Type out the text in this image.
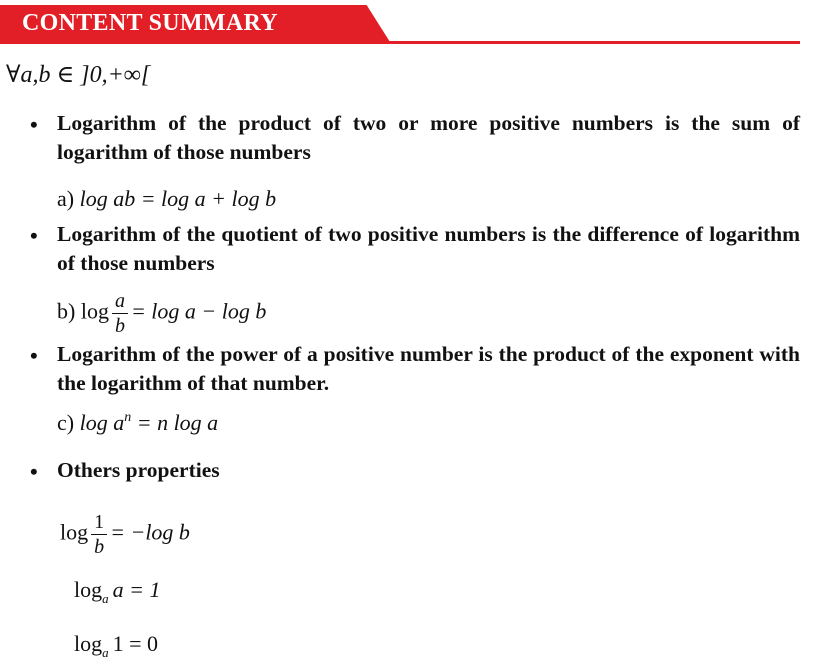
CONTENT SUMMARY
∀a,b ∈ ]0,+∞[
• Logarithm of the product of two or more positive numbers is the sum of logarithm of those numbers
a) log ab = log a + log b
• Logarithm of the quotient of two positive numbers is the difference of logarithm of those numbers
b) $\log \frac{a}{b} = \log a - \log b$
• Logarithm of the power of a positive number is the product of the exponent with the logarithm of that number.
c) $\log a^n = n$ log a
• Others properties
$\log \frac{1}{b} = -\log$ b
$\log_a a = 1$
$\log_a 1 = 0$
